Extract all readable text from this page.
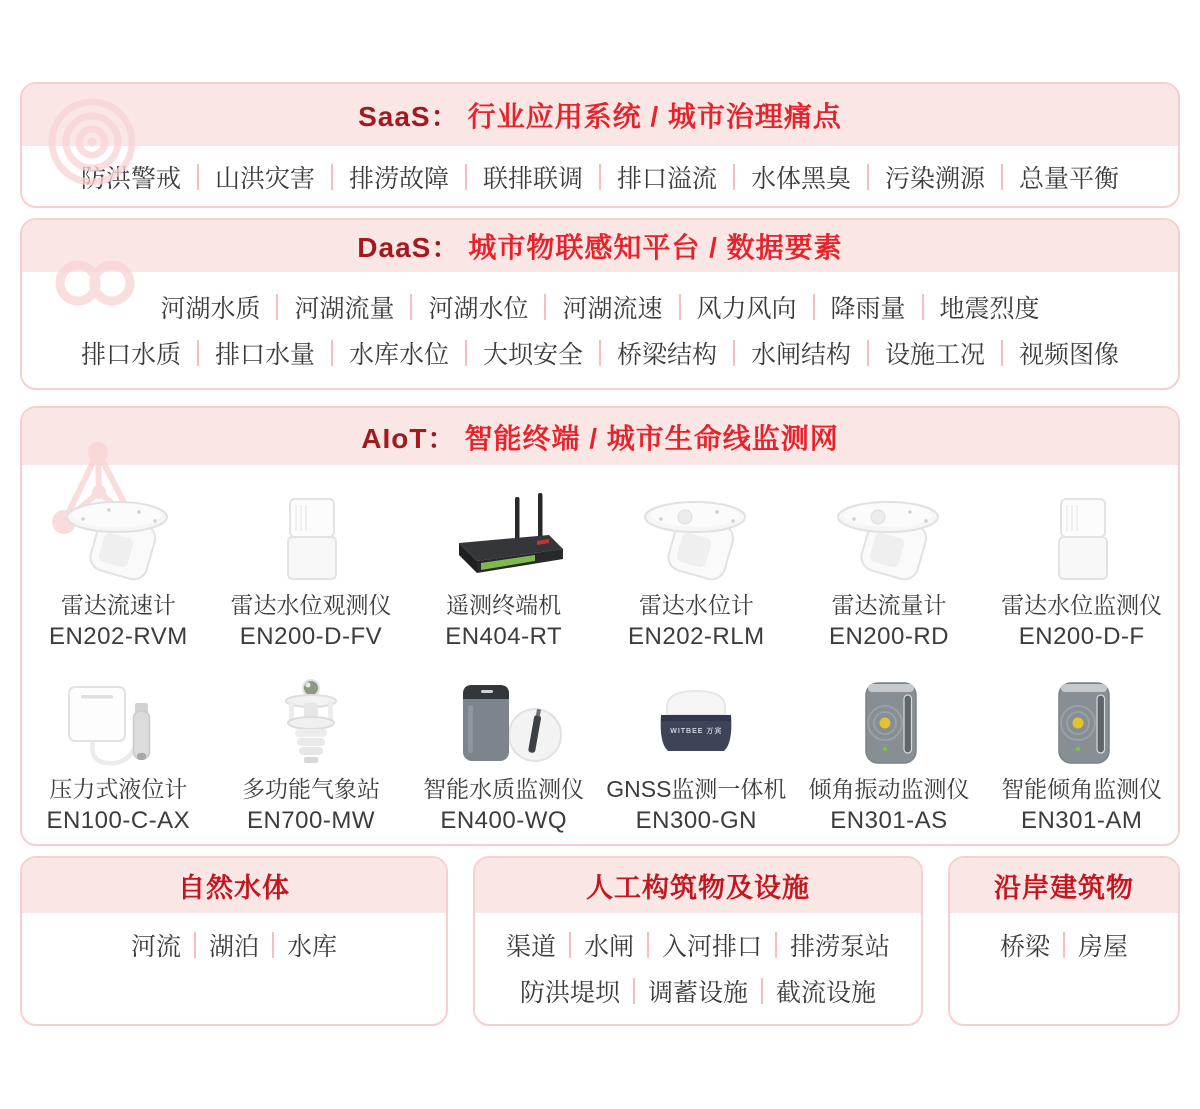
SaaS： 行业应用系统 / 城市治理痛点
防洪警戒	山洪灾害	排涝故障	联排联调	排口溢流	水体黑臭	污染溯源	总量平衡
DaaS： 城市物联感知平台 / 数据要素
河湖水质	河湖流量	河湖水位	河湖流速	风力风向	降雨量	地震烈度
排口水质	排口水量	水库水位	大坝安全	桥梁结构	水闸结构	设施工况	视频图像
AIoT： 智能终端 / 城市生命线监测网
雷达流速计
EN202-RVM
雷达水位观测仪
EN200-D-FV
遥测终端机
EN404-RT
雷达水位计
EN202-RLM
雷达流量计
EN200-RD
雷达水位监测仪
EN200-D-F
压力式液位计
EN100-C-AX
多功能气象站
EN700-MW
智能水质监测仪
EN400-WQ
WITBEE 万宾
GNSS监测一体机
EN300-GN
倾角振动监测仪
EN301-AS
智能倾角监测仪
EN301-AM
自然水体
河流	湖泊	水库
人工构筑物及设施
渠道	水闸	入河排口	排涝泵站
防洪堤坝	调蓄设施	截流设施
沿岸建筑物
桥梁	房屋
